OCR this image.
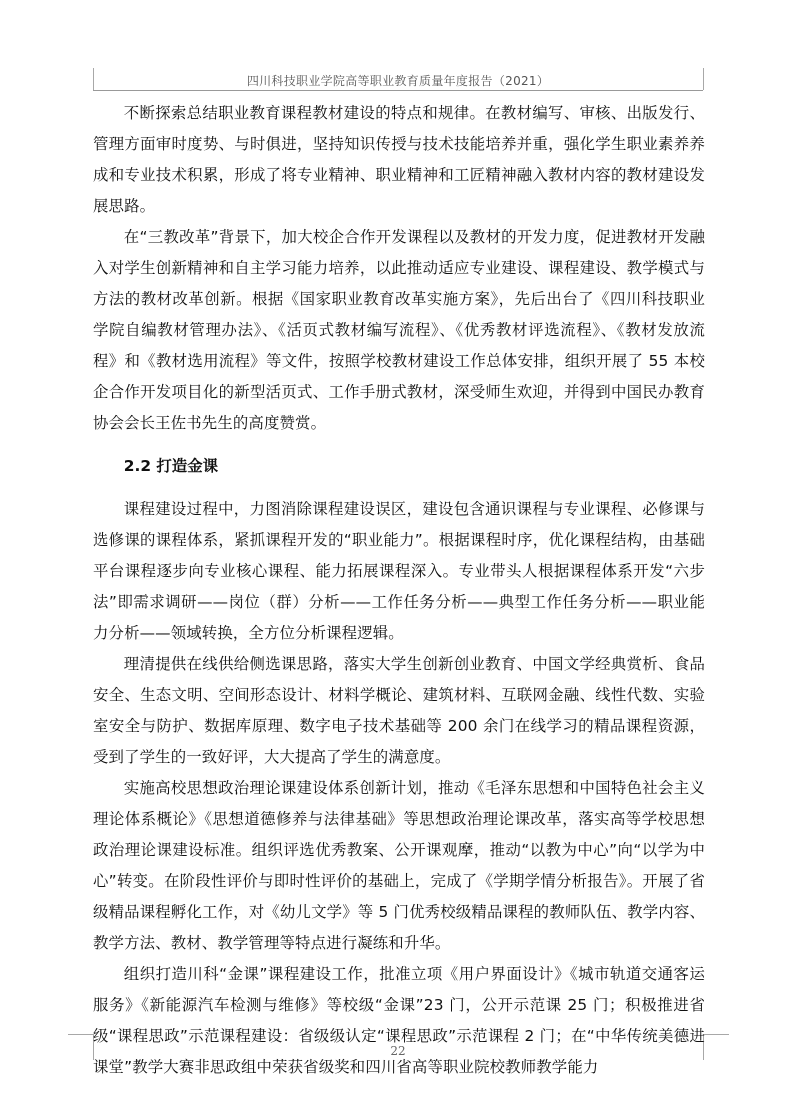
四川科技职业学院高等职业教育质量年度报告（2021）

不断探索总结职业教育课程教材建设的特点和规律。在教材编写、审核、出版发行、管理方面审时度势、与时俱进，坚持知识传授与技术技能培养并重，强化学生职业素养养成和专业技术积累，形成了将专业精神、职业精神和工匠精神融入教材内容的教材建设发展思路。

在“三教改革”背景下，加大校企合作开发课程以及教材的开发力度，促进教材开发融入对学生创新精神和自主学习能力培养，以此推动适应专业建设、课程建设、教学模式与方法的教材改革创新。根据《国家职业教育改革实施方案》，先后出台了《四川科技职业学院自编教材管理办法》、《活页式教材编写流程》、《优秀教材评选流程》、《教材发放流程》和《教材选用流程》等文件，按照学校教材建设工作总体安排，组织开展了 55 本校企合作开发项目化的新型活页式、工作手册式教材，深受师生欢迎，并得到中国民办教育协会会长王佐书先生的高度赞赏。

2.2 打造金课

课程建设过程中，力图消除课程建设误区，建设包含通识课程与专业课程、必修课与选修课的课程体系，紧抓课程开发的“职业能力”。根据课程时序，优化课程结构，由基础平台课程逐步向专业核心课程、能力拓展课程深入。专业带头人根据课程体系开发“六步法”即需求调研——岗位（群）分析——工作任务分析——典型工作任务分析——职业能力分析——领域转换，全方位分析课程逻辑。

理清提供在线供给侧选课思路，落实大学生创新创业教育、中国文学经典赏析、食品安全、生态文明、空间形态设计、材料学概论、建筑材料、互联网金融、线性代数、实验室安全与防护、数据库原理、数字电子技术基础等 200 余门在线学习的精品课程资源，受到了学生的一致好评，大大提高了学生的满意度。

实施高校思想政治理论课建设体系创新计划，推动《毛泽东思想和中国特色社会主义理论体系概论》《思想道德修养与法律基础》等思想政治理论课改革，落实高等学校思想政治理论课建设标准。组织评选优秀教案、公开课观摩，推动“以教为中心”向“以学为中心”转变。在阶段性评价与即时性评价的基础上，完成了《学期学情分析报告》。开展了省级精品课程孵化工作，对《幼儿文学》等 5 门优秀校级精品课程的教师队伍、教学内容、教学方法、教材、教学管理等特点进行凝练和升华。

组织打造川科“金课”课程建设工作，批准立项《用户界面设计》《城市轨道交通客运服务》《新能源汽车检测与维修》等校级“金课”23 门，公开示范课 25 门；积极推进省级“课程思政”示范课程建设：省级级认定“课程思政”示范课程 2 门；在“中华传统美德进课堂”教学大赛非思政组中荣获省级奖和四川省高等职业院校教师教学能力

22
